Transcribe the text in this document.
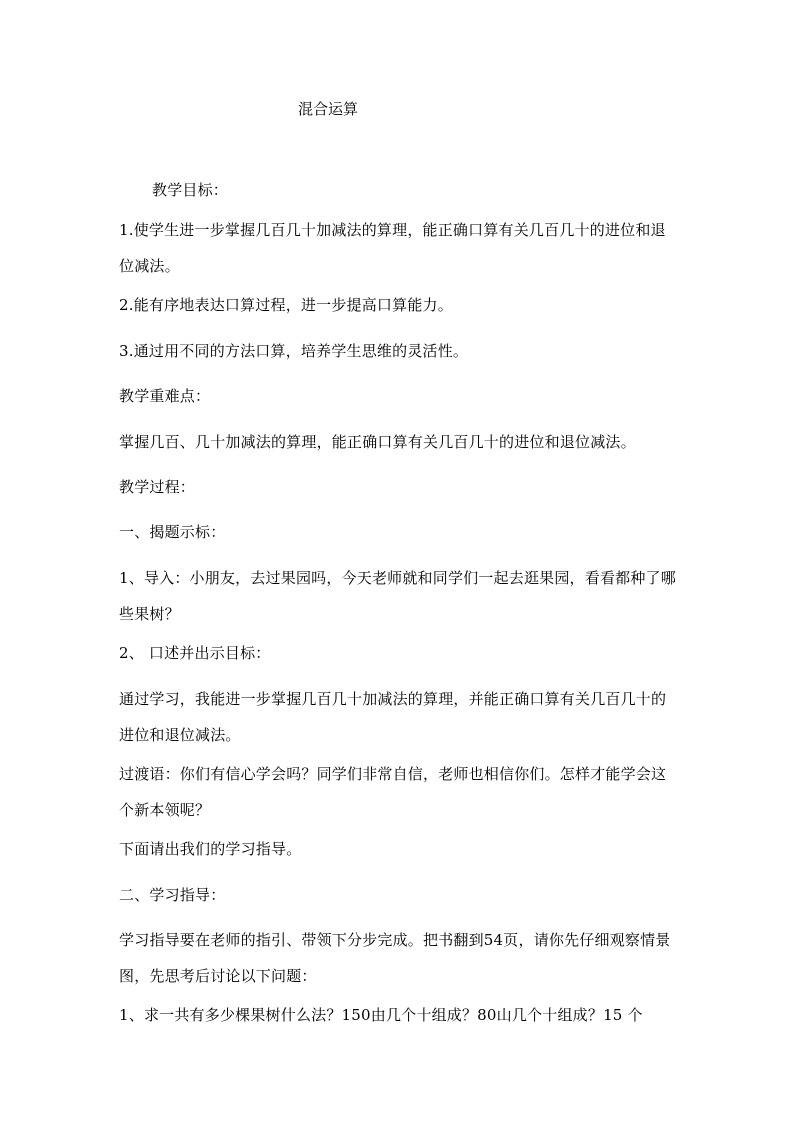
混合运算

教学目标：

1.使学生进一步掌握几百几十加减法的算理，能正确口算有关几百几十的进位和退位减法。

2.能有序地表达口算过程，进一步提高口算能力。

3.通过用不同的方法口算，培养学生思维的灵活性。

教学重难点：

掌握几百、几十加减法的算理，能正确口算有关几百几十的进位和退位减法。

教学过程：

一、揭题示标：

1、导入：小朋友，去过果园吗，今天老师就和同学们一起去逛果园，看看都种了哪些果树？

2、 口述并出示目标：

通过学习，我能进一步掌握几百几十加减法的算理，并能正确口算有关几百几十的进位和退位减法。

过渡语：你们有信心学会吗？同学们非常自信，老师也相信你们。怎样才能学会这个新本领呢？

下面请出我们的学习指导。

二、学习指导：

学习指导要在老师的指引、带领下分步完成。把书翻到54页，请你先仔细观察情景图，先思考后讨论以下问题：

1、求一共有多少棵果树什么法？150由几个十组成？80山几个十组成？15 个
